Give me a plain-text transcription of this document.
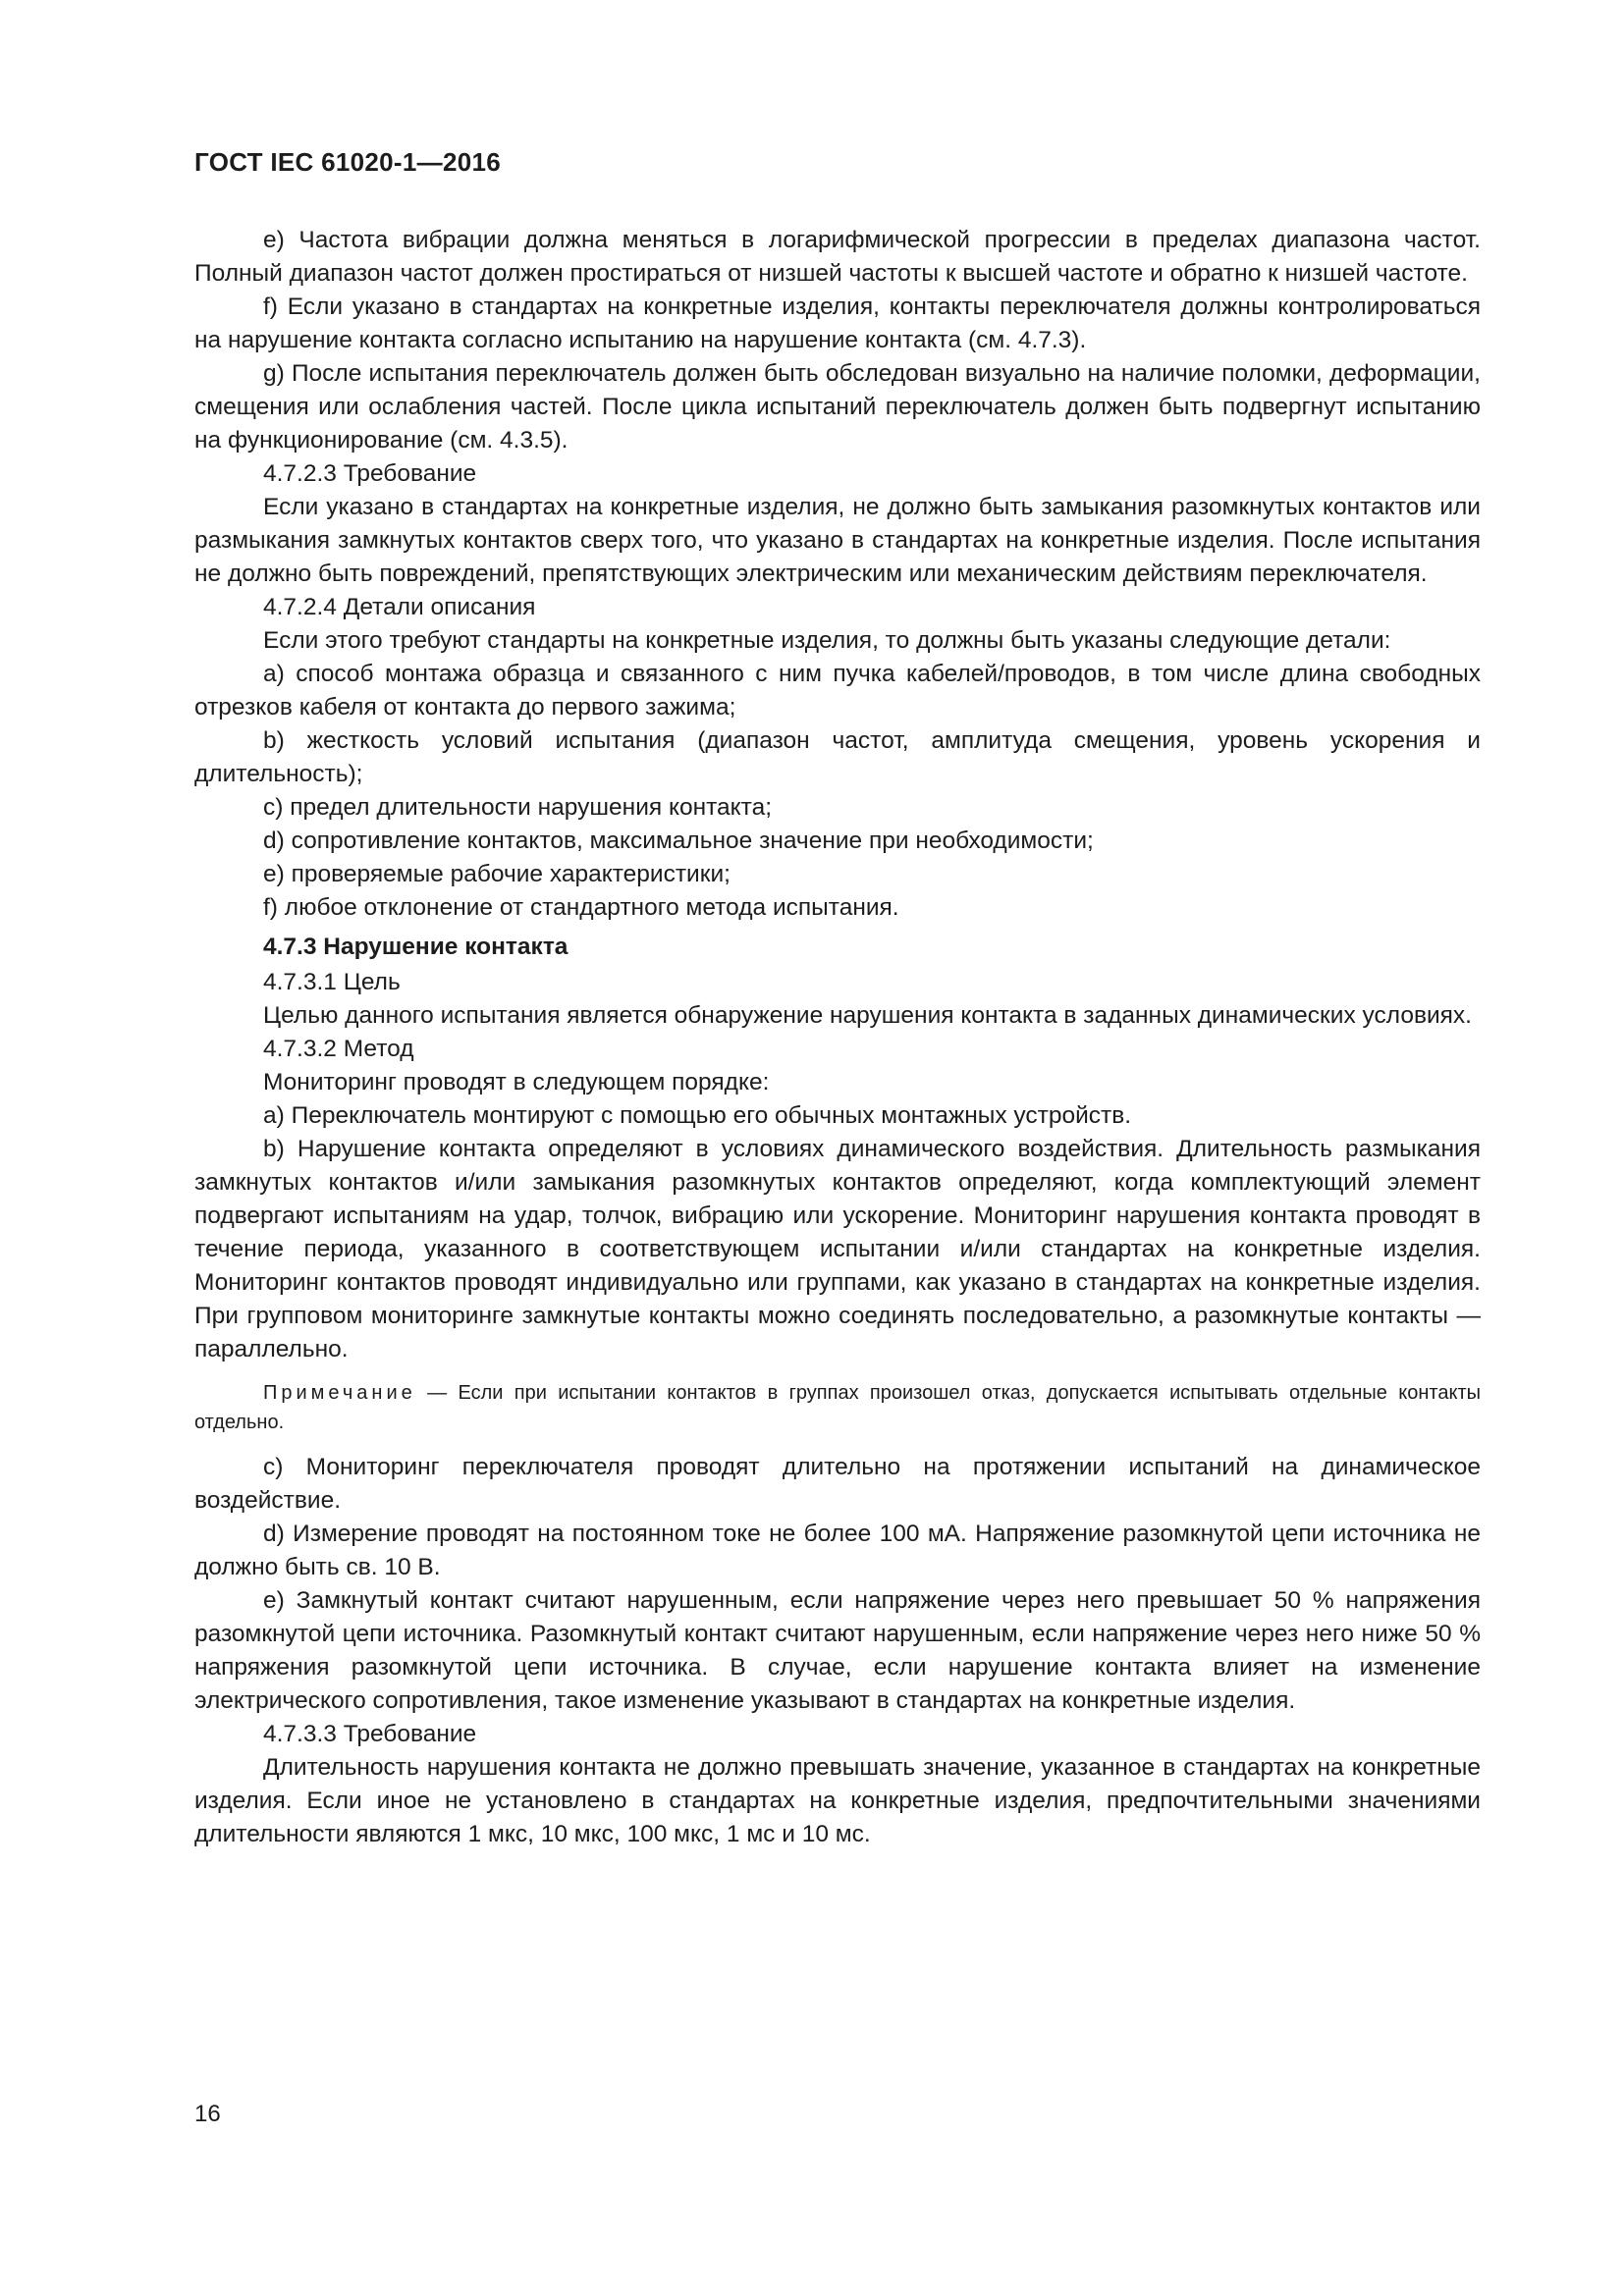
ГОСТ IEC 61020-1—2016

e) Частота вибрации должна меняться в логарифмической прогрессии в пределах диапазона частот. Полный диапазон частот должен простираться от низшей частоты к высшей частоте и обратно к низшей частоте.

f) Если указано в стандартах на конкретные изделия, контакты переключателя должны контролироваться на нарушение контакта согласно испытанию на нарушение контакта (см. 4.7.3).

g) После испытания переключатель должен быть обследован визуально на наличие поломки, деформации, смещения или ослабления частей. После цикла испытаний переключатель должен быть подвергнут испытанию на функционирование (см. 4.3.5).

4.7.2.3 Требование

Если указано в стандартах на конкретные изделия, не должно быть замыкания разомкнутых контактов или размыкания замкнутых контактов сверх того, что указано в стандартах на конкретные изделия. После испытания не должно быть повреждений, препятствующих электрическим или механическим действиям переключателя.

4.7.2.4 Детали описания

Если этого требуют стандарты на конкретные изделия, то должны быть указаны следующие детали:

a) способ монтажа образца и связанного с ним пучка кабелей/проводов, в том числе длина свободных отрезков кабеля от контакта до первого зажима;

b) жесткость условий испытания (диапазон частот, амплитуда смещения, уровень ускорения и длительность);

c) предел длительности нарушения контакта;

d) сопротивление контактов, максимальное значение при необходимости;

e) проверяемые рабочие характеристики;

f) любое отклонение от стандартного метода испытания.

4.7.3 Нарушение контакта

4.7.3.1 Цель

Целью данного испытания является обнаружение нарушения контакта в заданных динамических условиях.

4.7.3.2 Метод

Мониторинг проводят в следующем порядке:

a) Переключатель монтируют с помощью его обычных монтажных устройств.

b) Нарушение контакта определяют в условиях динамического воздействия. Длительность размыкания замкнутых контактов и/или замыкания разомкнутых контактов определяют, когда комплектующий элемент подвергают испытаниям на удар, толчок, вибрацию или ускорение. Мониторинг нарушения контакта проводят в течение периода, указанного в соответствующем испытании и/или стандартах на конкретные изделия. Мониторинг контактов проводят индивидуально или группами, как указано в стандартах на конкретные изделия. При групповом мониторинге замкнутые контакты можно соединять последовательно, а разомкнутые контакты — параллельно.

Примечание — Если при испытании контактов в группах произошел отказ, допускается испытывать отдельные контакты отдельно.

c) Мониторинг переключателя проводят длительно на протяжении испытаний на динамическое воздействие.

d) Измерение проводят на постоянном токе не более 100 мА. Напряжение разомкнутой цепи источника не должно быть св. 10 В.

e) Замкнутый контакт считают нарушенным, если напряжение через него превышает 50 % напряжения разомкнутой цепи источника. Разомкнутый контакт считают нарушенным, если напряжение через него ниже 50 % напряжения разомкнутой цепи источника. В случае, если нарушение контакта влияет на изменение электрического сопротивления, такое изменение указывают в стандартах на конкретные изделия.

4.7.3.3 Требование

Длительность нарушения контакта не должно превышать значение, указанное в стандартах на конкретные изделия. Если иное не установлено в стандартах на конкретные изделия, предпочтительными значениями длительности являются 1 мкс, 10 мкс, 100 мкс, 1 мс и 10 мс.

16
